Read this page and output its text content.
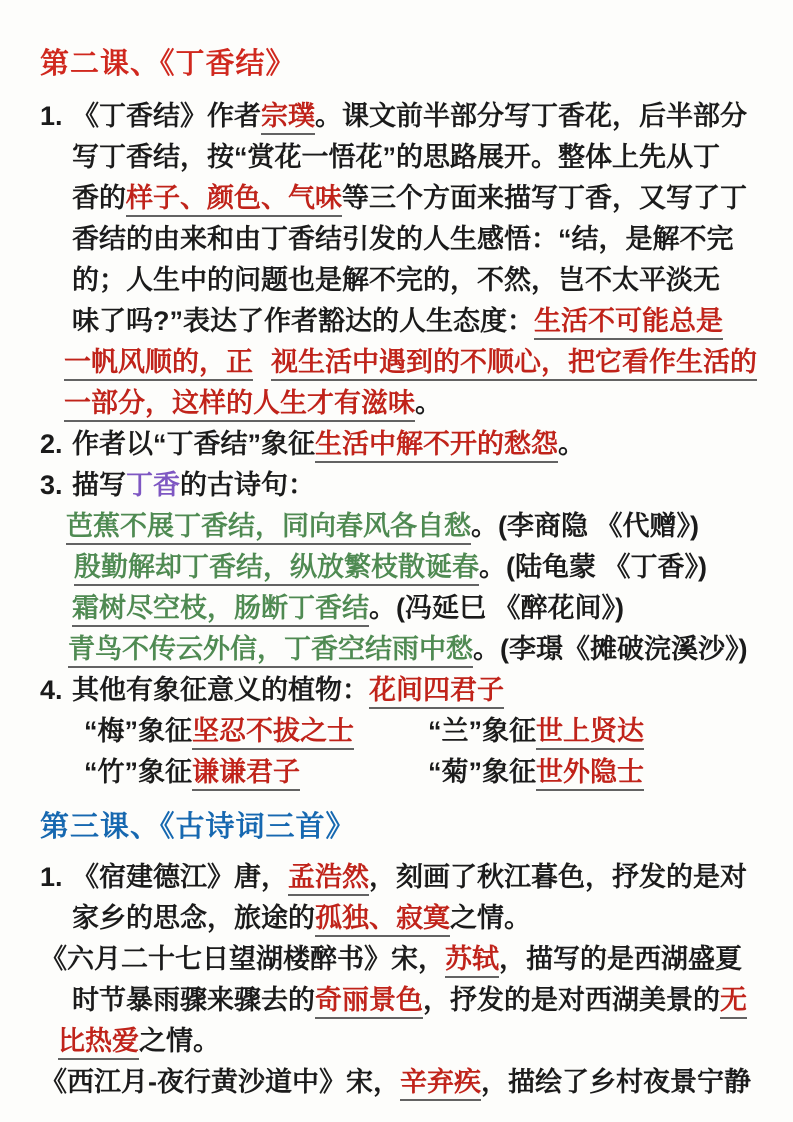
第二课、《丁香结》
1. 《丁香结》作者宗璞。课文前半部分写丁香花，后半部分
写丁香结，按“赏花一悟花”的思路展开。整体上先从丁
香的样子、颜色、气味等三个方面来描写丁香，又写了丁
香结的由来和由丁香结引发的人生感悟：“结，是解不完
的；人生中的问题也是解不完的，不然，岂不太平淡无
味了吗?”表达了作者豁达的人生态度：生活不可能总是
一帆风顺的，正 视生活中遇到的不顺心，把它看作生活的
一部分，这样的人生才有滋味。
2. 作者以“丁香结”象征生活中解不开的愁怨。
3. 描写丁香的古诗句：
芭蕉不展丁香结，同向春风各自愁。(李商隐 《代赠》)
殷勤解却丁香结，纵放繁枝散诞春。(陆龟蒙 《丁香》)
霜树尽空枝，肠断丁香结。(冯延巳 《醉花间》)
青鸟不传云外信，丁香空结雨中愁。(李璟《摊破浣溪沙》)
4. 其他有象征意义的植物：花间四君子
“梅”象征坚忍不拔之士	“兰”象征世上贤达
“竹”象征谦谦君子	“菊”象征世外隐士
第三课、《古诗词三首》
1. 《宿建德江》唐，孟浩然，刻画了秋江暮色，抒发的是对
家乡的思念，旅途的孤独、寂寞之情。
《六月二十七日望湖楼醉书》宋，苏轼，描写的是西湖盛夏
时节暴雨骤来骤去的奇丽景色，抒发的是对西湖美景的无
比热爱之情。
《西江月-夜行黄沙道中》宋，辛弃疾，描绘了乡村夜景宁静
